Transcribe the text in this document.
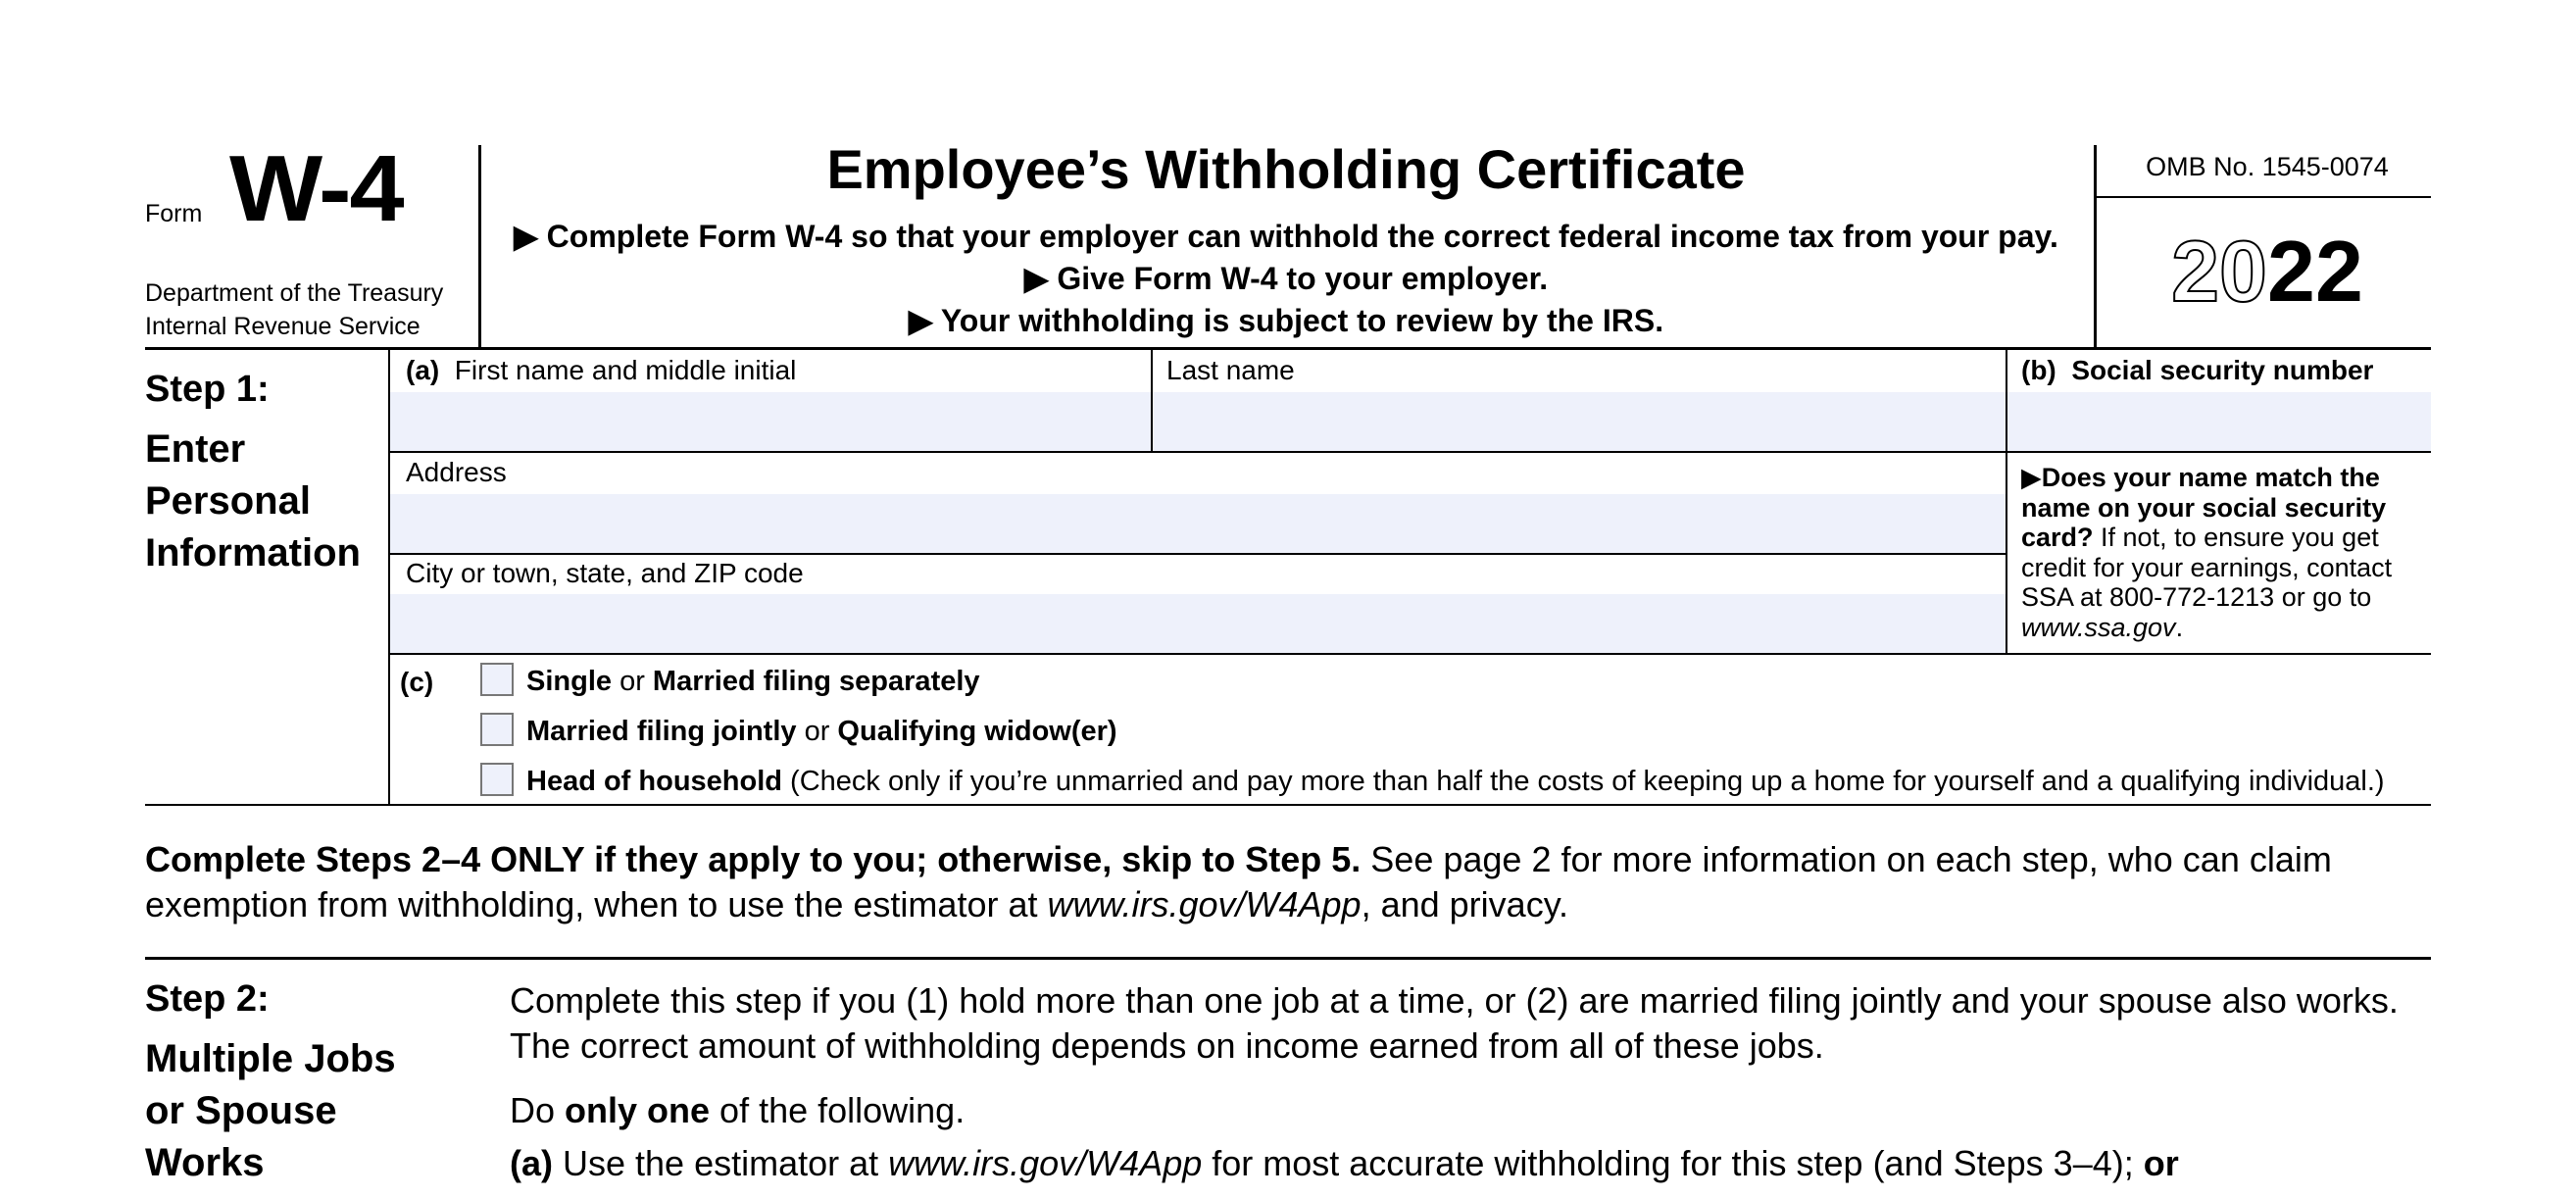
Form W-4
Department of the Treasury
Internal Revenue Service
Employee’s Withholding Certificate
▶ Complete Form W-4 so that your employer can withhold the correct federal income tax from your pay.
▶ Give Form W-4 to your employer.
▶ Your withholding is subject to review by the IRS.
OMB No. 1545-0074
2022
Step 1:
Enter
Personal
Information
(a) First name and middle initial	Last name	(b) Social security number
Address
City or town, state, and ZIP code
▶Does your name match the name on your social security card? If not, to ensure you get credit for your earnings, contact SSA at 800-772-1213 or go to www.ssa.gov.
(c)	Single or Married filing separately
Married filing jointly or Qualifying widow(er)
Head of household (Check only if you’re unmarried and pay more than half the costs of keeping up a home for yourself and a qualifying individual.)
Complete Steps 2–4 ONLY if they apply to you; otherwise, skip to Step 5. See page 2 for more information on each step, who can claim exemption from withholding, when to use the estimator at www.irs.gov/W4App, and privacy.
Step 2:
Multiple Jobs
or Spouse
Works
Complete this step if you (1) hold more than one job at a time, or (2) are married filing jointly and your spouse also works. The correct amount of withholding depends on income earned from all of these jobs.
Do only one of the following.
(a) Use the estimator at www.irs.gov/W4App for most accurate withholding for this step (and Steps 3–4); or
